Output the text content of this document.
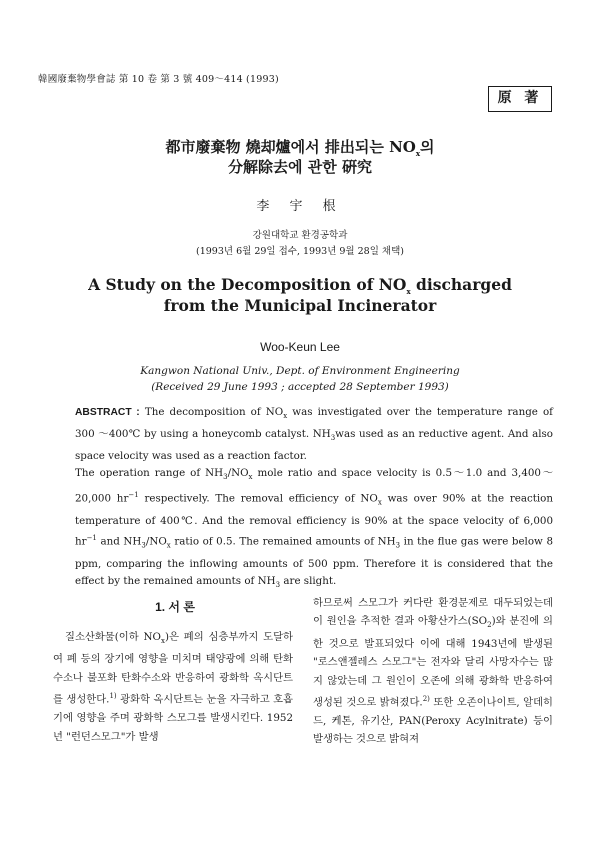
韓國廢棄物學會誌 第 10 卷 第 3 號 409～414 (1993)
原 著
都市廢棄物 燒却爐에서 排出되는 $NO_x$의
分解除去에 관한 硏究
李 宇 根
강원대학교 환경공학과
(1993년 6월 29일 접수, 1993년 9월 28일 채택)
A Study on the Decomposition of $NO_x$ discharged
from the Municipal Incinerator
Woo-Keun Lee
Kangwon National Univ., Dept. of Environment Engineering
(Received 29 June 1993 ; accepted 28 September 1993)

ABSTRACT : The decomposition of $NO_x$ was investigated over the temperature range of 300 ～400℃ by using a honeycomb catalyst. $NH_3was$ used as an reductive agent. And also space velocity was used as a reaction factor.

The operation range of $NH_3/NO_x$ mole ratio and space velocity is 0.5～1.0 and 3,400～20,000 $hr^{-1}$ respectively. The removal efficiency of $NO_x$ was over 90% at the reaction temperature of 400℃. And the removal efficiency is 90% at the space velocity of 6,000 $hr^{-1}$ and $NH_3/NO_x$ ratio of 0.5. The remained amounts of $NH_3$ in the flue gas were below 8 ppm, comparing the inflowing amounts of 500 ppm. Therefore it is considered that the effect by the remained amounts of $NH_3$ are slight.

1. 서 론

질소산화물(이하 $NO_x$)은 폐의 심층부까지 도달하여 폐 등의 장기에 영향을 미치며 태양광에 의해 탄화수소나 불포화 탄화수소와 반응하여 광화학 옥시단트를 생성한다.$^{1)}$ 광화학 옥시단트는 눈을 자극하고 호흡기에 영향을 주며 광화학 스모그를 발생시킨다. 1952년 "런던스모그"가 발생

하므로써 스모그가 커다란 환경문제로 대두되었는데 이 원인을 추적한 결과 아황산가스$(SO_2)$와 분진에 의한 것으로 발표되었다 이에 대해 1943년에 발생된 "로스앤젤레스 스모그"는 전자와 달리 사망자수는 많지 않았는데 그 원인이 오존에 의해 광화학 반응하여 생성된 것으로 밝혀졌다.$^{2)}$ 또한 오존이나이트, 알데히드, 케톤, 유기산, PAN(Peroxy Acylnitrate) 등이 발생하는 것으로 밝혀져
